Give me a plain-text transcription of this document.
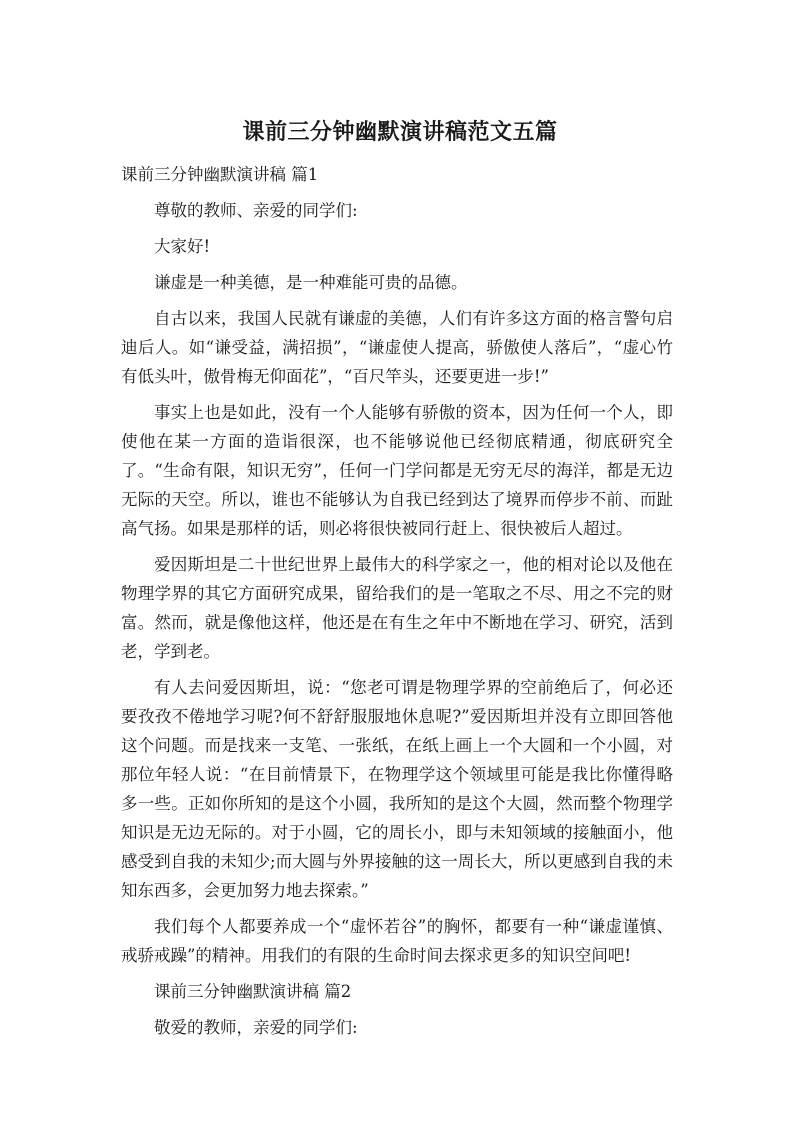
课前三分钟幽默演讲稿范文五篇

课前三分钟幽默演讲稿 篇1

尊敬的教师、亲爱的同学们:

大家好!

谦虚是一种美德，是一种难能可贵的品德。

自古以来，我国人民就有谦虚的美德，人们有许多这方面的格言警句启迪后人。如“谦受益，满招损”，“谦虚使人提高，骄傲使人落后”，“虚心竹有低头叶，傲骨梅无仰面花”，“百尺竿头，还要更进一步!”

事实上也是如此，没有一个人能够有骄傲的资本，因为任何一个人，即使他在某一方面的造诣很深，也不能够说他已经彻底精通，彻底研究全了。“生命有限，知识无穷”，任何一门学问都是无穷无尽的海洋，都是无边无际的天空。所以，谁也不能够认为自我已经到达了境界而停步不前、而趾高气扬。如果是那样的话，则必将很快被同行赶上、很快被后人超过。

爱因斯坦是二十世纪世界上最伟大的科学家之一，他的相对论以及他在物理学界的其它方面研究成果，留给我们的是一笔取之不尽、用之不完的财富。然而，就是像他这样，他还是在有生之年中不断地在学习、研究，活到老，学到老。

有人去问爱因斯坦，说：“您老可谓是物理学界的空前绝后了，何必还要孜孜不倦地学习呢?何不舒舒服服地休息呢?”爱因斯坦并没有立即回答他这个问题。而是找来一支笔、一张纸，在纸上画上一个大圆和一个小圆，对那位年轻人说：“在目前情景下，在物理学这个领域里可能是我比你懂得略多一些。正如你所知的是这个小圆，我所知的是这个大圆，然而整个物理学知识是无边无际的。对于小圆，它的周长小，即与未知领域的接触面小，他感受到自我的未知少;而大圆与外界接触的这一周长大，所以更感到自我的未知东西多，会更加努力地去探索。”

我们每个人都要养成一个“虚怀若谷”的胸怀，都要有一种“谦虚谨慎、戒骄戒躁”的精神。用我们的有限的生命时间去探求更多的知识空间吧!

课前三分钟幽默演讲稿 篇2

敬爱的教师，亲爱的同学们:
